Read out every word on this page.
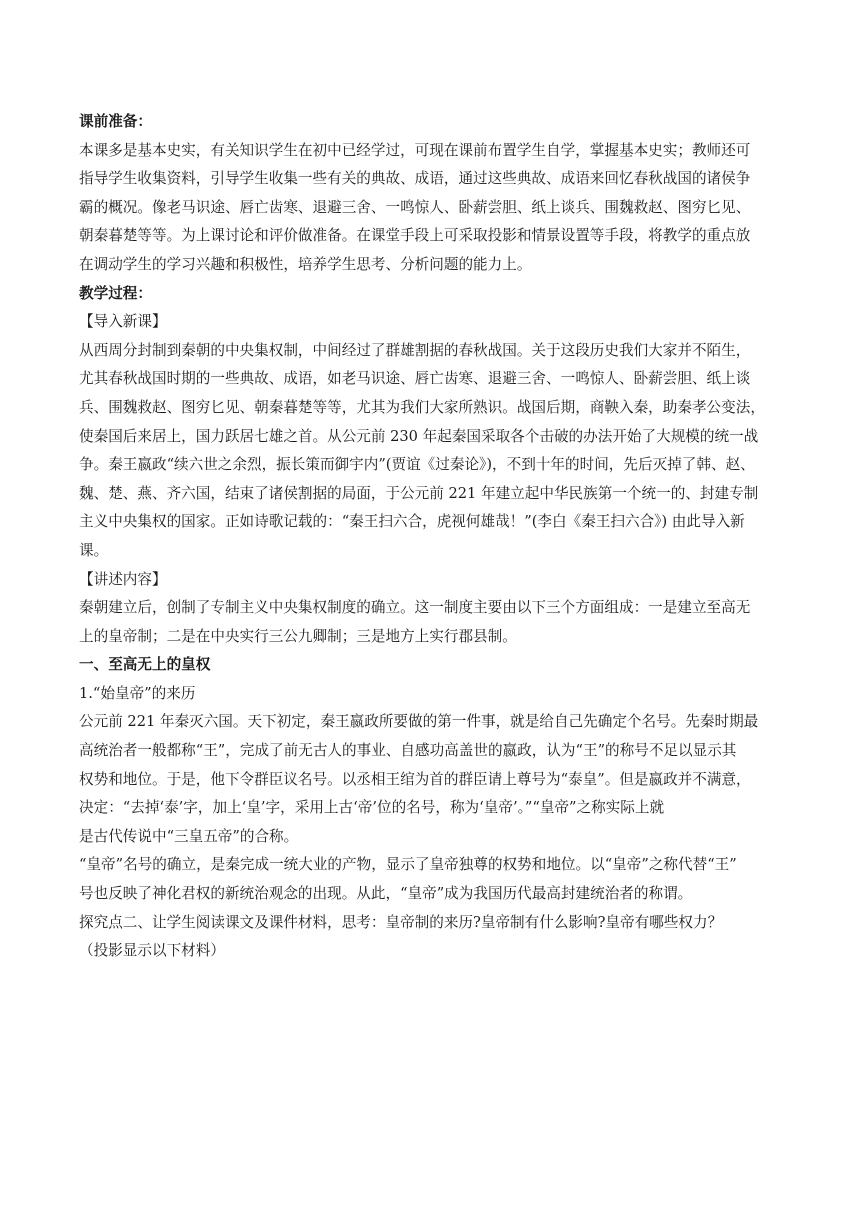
课前准备：
本课多是基本史实，有关知识学生在初中已经学过，可现在课前布置学生自学，掌握基本史实；教师还可
指导学生收集资料，引导学生收集一些有关的典故、成语，通过这些典故、成语来回忆春秋战国的诸侯争
霸的概况。像老马识途、唇亡齿寒、退避三舍、一鸣惊人、卧薪尝胆、纸上谈兵、围魏救赵、图穷匕见、
朝秦暮楚等等。为上课讨论和评价做准备。在课堂手段上可采取投影和情景设置等手段，将教学的重点放
在调动学生的学习兴趣和积极性，培养学生思考、分析问题的能力上。
教学过程：
【导入新课】
从西周分封制到秦朝的中央集权制，中间经过了群雄割据的春秋战国。关于这段历史我们大家并不陌生，
尤其春秋战国时期的一些典故、成语，如老马识途、唇亡齿寒、退避三舍、一鸣惊人、卧薪尝胆、纸上谈
兵、围魏救赵、图穷匕见、朝秦暮楚等等，尤其为我们大家所熟识。战国后期，商鞅入秦，助秦孝公变法，
使秦国后来居上，国力跃居七雄之首。从公元前 230 年起秦国采取各个击破的办法开始了大规模的统一战
争。秦王嬴政“续六世之余烈，振长策而御宇内”(贾谊《过秦论》)，不到十年的时间，先后灭掉了韩、赵、
魏、楚、燕、齐六国，结束了诸侯割据的局面，于公元前 221 年建立起中华民族第一个统一的、封建专制
主义中央集权的国家。正如诗歌记载的：“秦王扫六合，虎视何雄哉！”(李白《秦王扫六合》) 由此导入新
课。
【讲述内容】
秦朝建立后，创制了专制主义中央集权制度的确立。这一制度主要由以下三个方面组成：一是建立至高无
上的皇帝制；二是在中央实行三公九卿制；三是地方上实行郡县制。
一、至高无上的皇权
1.“始皇帝”的来历
公元前 221 年秦灭六国。天下初定，秦王嬴政所要做的第一件事，就是给自己先确定个名号。先秦时期最
高统治者一般都称“王”，完成了前无古人的事业、自感功高盖世的嬴政，认为“王”的称号不足以显示其
权势和地位。于是，他下令群臣议名号。以丞相王绾为首的群臣请上尊号为“泰皇”。但是嬴政并不满意，
决定：“去掉‘泰’字，加上‘皇’字，采用上古‘帝’位的名号，称为‘皇帝’。”“皇帝”之称实际上就
是古代传说中“三皇五帝”的合称。
“皇帝”名号的确立，是秦完成一统大业的产物，显示了皇帝独尊的权势和地位。以“皇帝”之称代替“王”
号也反映了神化君权的新统治观念的出现。从此，“皇帝”成为我国历代最高封建统治者的称谓。
探究点二、让学生阅读课文及课件材料，思考：皇帝制的来历?皇帝制有什么影响?皇帝有哪些权力？
（投影显示以下材料）
